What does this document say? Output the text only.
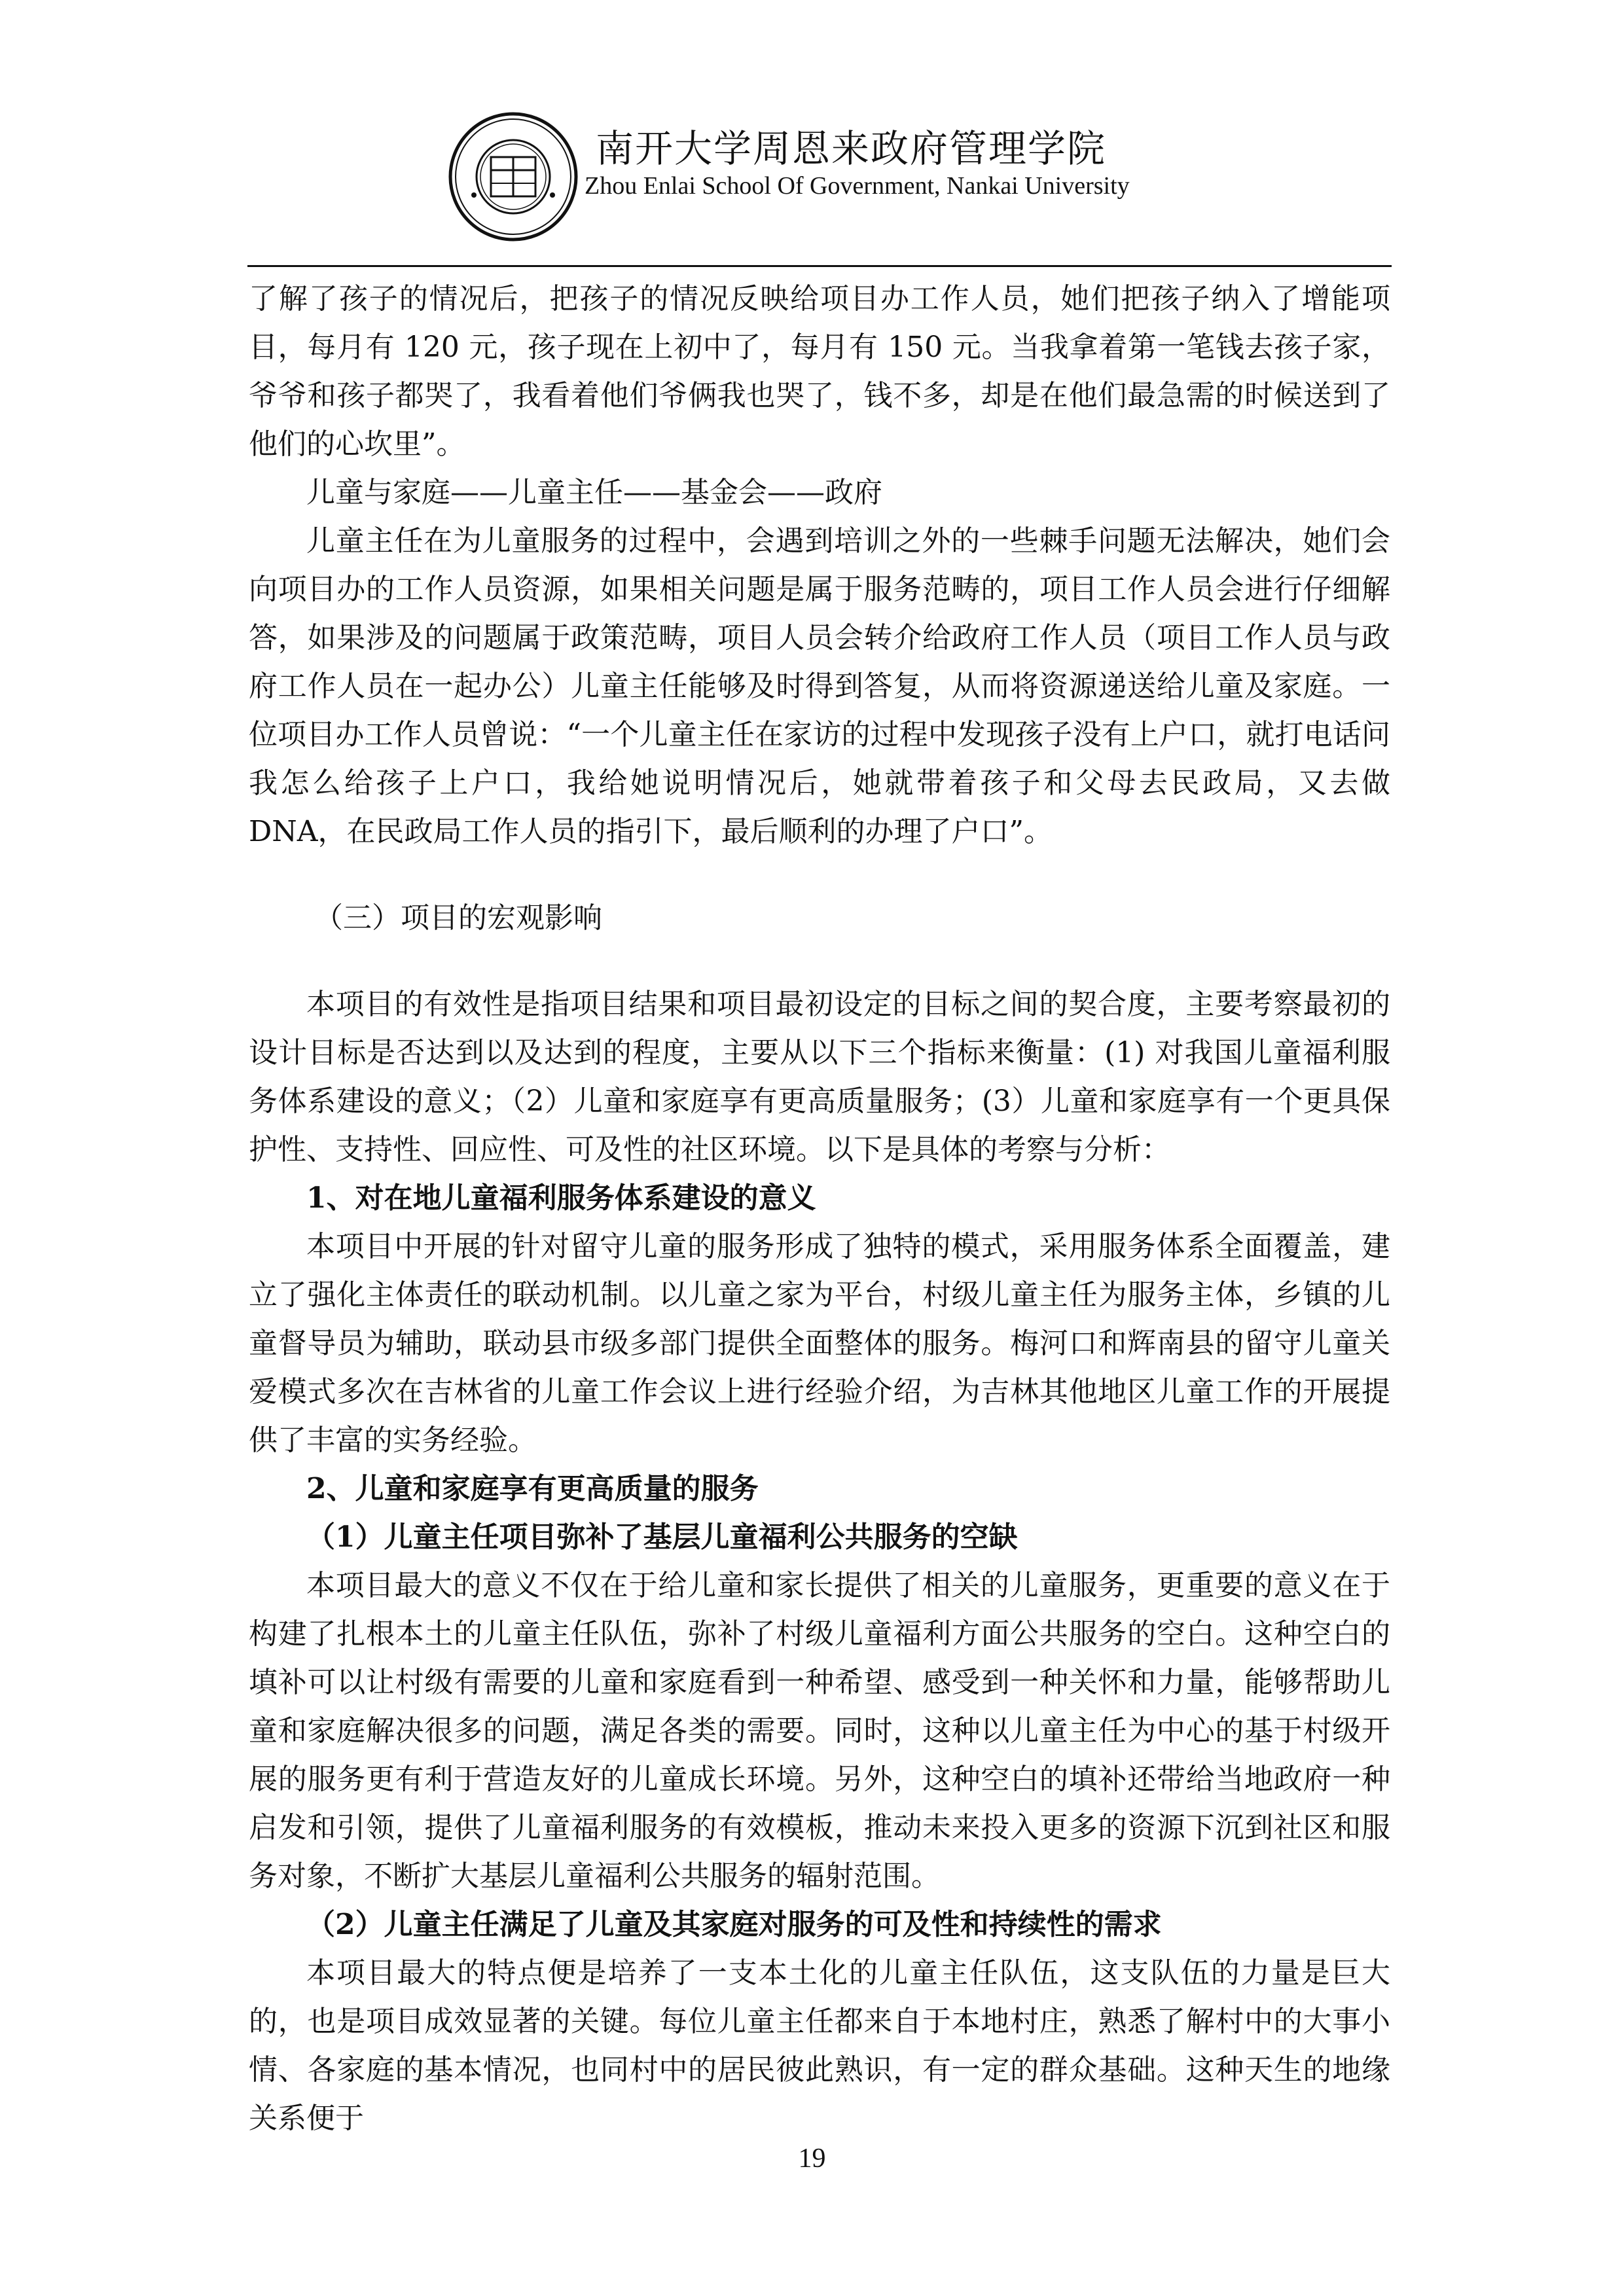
南开大学周恩来政府管理学院
Zhou Enlai School Of Government, Nankai University

了解了孩子的情况后，把孩子的情况反映给项目办工作人员，她们把孩子纳入了增能项目，每月有 120 元，孩子现在上初中了，每月有 150 元。当我拿着第一笔钱去孩子家，爷爷和孩子都哭了，我看着他们爷俩我也哭了，钱不多，却是在他们最急需的时候送到了他们的心坎里”。

儿童与家庭——儿童主任——基金会——政府

儿童主任在为儿童服务的过程中，会遇到培训之外的一些棘手问题无法解决，她们会向项目办的工作人员资源，如果相关问题是属于服务范畴的，项目工作人员会进行仔细解答，如果涉及的问题属于政策范畴，项目人员会转介给政府工作人员（项目工作人员与政府工作人员在一起办公）儿童主任能够及时得到答复，从而将资源递送给儿童及家庭。一位项目办工作人员曾说：“一个儿童主任在家访的过程中发现孩子没有上户口，就打电话问我怎么给孩子上户口，我给她说明情况后，她就带着孩子和父母去民政局，又去做 DNA，在民政局工作人员的指引下，最后顺利的办理了户口”。

（三）项目的宏观影响

本项目的有效性是指项目结果和项目最初设定的目标之间的契合度，主要考察最初的设计目标是否达到以及达到的程度，主要从以下三个指标来衡量：(1) 对我国儿童福利服务体系建设的意义；（2）儿童和家庭享有更高质量服务；(3）儿童和家庭享有一个更具保护性、支持性、回应性、可及性的社区环境。以下是具体的考察与分析：

1、对在地儿童福利服务体系建设的意义

本项目中开展的针对留守儿童的服务形成了独特的模式，采用服务体系全面覆盖，建立了强化主体责任的联动机制。以儿童之家为平台，村级儿童主任为服务主体，乡镇的儿童督导员为辅助，联动县市级多部门提供全面整体的服务。梅河口和辉南县的留守儿童关爱模式多次在吉林省的儿童工作会议上进行经验介绍，为吉林其他地区儿童工作的开展提供了丰富的实务经验。

2、儿童和家庭享有更高质量的服务

（1）儿童主任项目弥补了基层儿童福利公共服务的空缺

本项目最大的意义不仅在于给儿童和家长提供了相关的儿童服务，更重要的意义在于构建了扎根本土的儿童主任队伍，弥补了村级儿童福利方面公共服务的空白。这种空白的填补可以让村级有需要的儿童和家庭看到一种希望、感受到一种关怀和力量，能够帮助儿童和家庭解决很多的问题，满足各类的需要。同时，这种以儿童主任为中心的基于村级开展的服务更有利于营造友好的儿童成长环境。另外，这种空白的填补还带给当地政府一种启发和引领，提供了儿童福利服务的有效模板，推动未来投入更多的资源下沉到社区和服务对象，不断扩大基层儿童福利公共服务的辐射范围。

（2）儿童主任满足了儿童及其家庭对服务的可及性和持续性的需求

本项目最大的特点便是培养了一支本土化的儿童主任队伍，这支队伍的力量是巨大的，也是项目成效显著的关键。每位儿童主任都来自于本地村庄，熟悉了解村中的大事小情、各家庭的基本情况，也同村中的居民彼此熟识，有一定的群众基础。这种天生的地缘关系便于

19
